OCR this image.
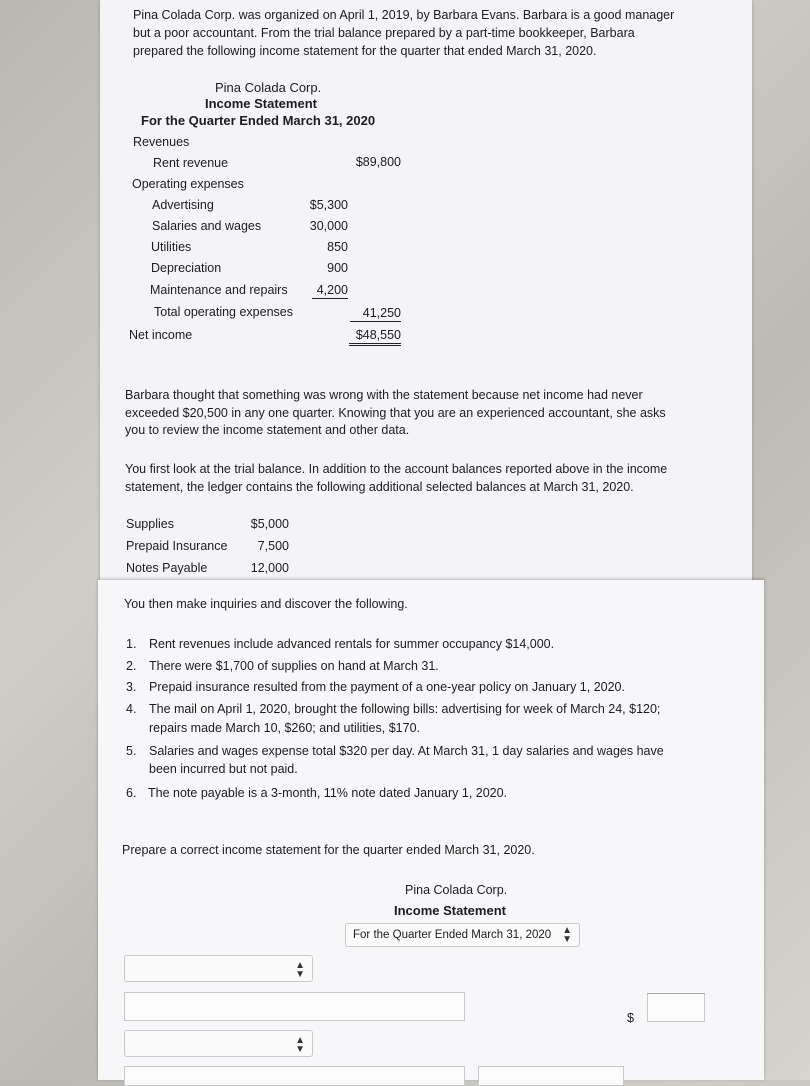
Pina Colada Corp. was organized on April 1, 2019, by Barbara Evans. Barbara is a good manager
but a poor accountant. From the trial balance prepared by a part-time bookkeeper, Barbara
prepared the following income statement for the quarter that ended March 31, 2020.
Pina Colada Corp.
Income Statement
For the Quarter Ended March 31, 2020
Revenues
Rent revenue	$89,800
Operating expenses
Advertising	$5,300
Salaries and wages	30,000
Utilities	850
Depreciation	900
Maintenance and repairs	4,200
Total operating expenses	41,250
Net income	$48,550
Barbara thought that something was wrong with the statement because net income had never
exceeded $20,500 in any one quarter. Knowing that you are an experienced accountant, she asks
you to review the income statement and other data.
You first look at the trial balance. In addition to the account balances reported above in the income
statement, the ledger contains the following additional selected balances at March 31, 2020.
Supplies	$5,000
Prepaid Insurance	7,500
Notes Payable	12,000
You then make inquiries and discover the following.
1. Rent revenues include advanced rentals for summer occupancy $14,000.
2. There were $1,700 of supplies on hand at March 31.
3. Prepaid insurance resulted from the payment of a one-year policy on January 1, 2020.
4. The mail on April 1, 2020, brought the following bills: advertising for week of March 24, $120;
repairs made March 10, $260; and utilities, $170.
5. Salaries and wages expense total $320 per day. At March 31, 1 day salaries and wages have
been incurred but not paid.
6. The note payable is a 3-month, 11% note dated January 1, 2020.
Prepare a correct income statement for the quarter ended March 31, 2020.
Pina Colada Corp.
Income Statement
For the Quarter Ended March 31, 2020 ▲
▼
▲
▼
$
▲
▼
